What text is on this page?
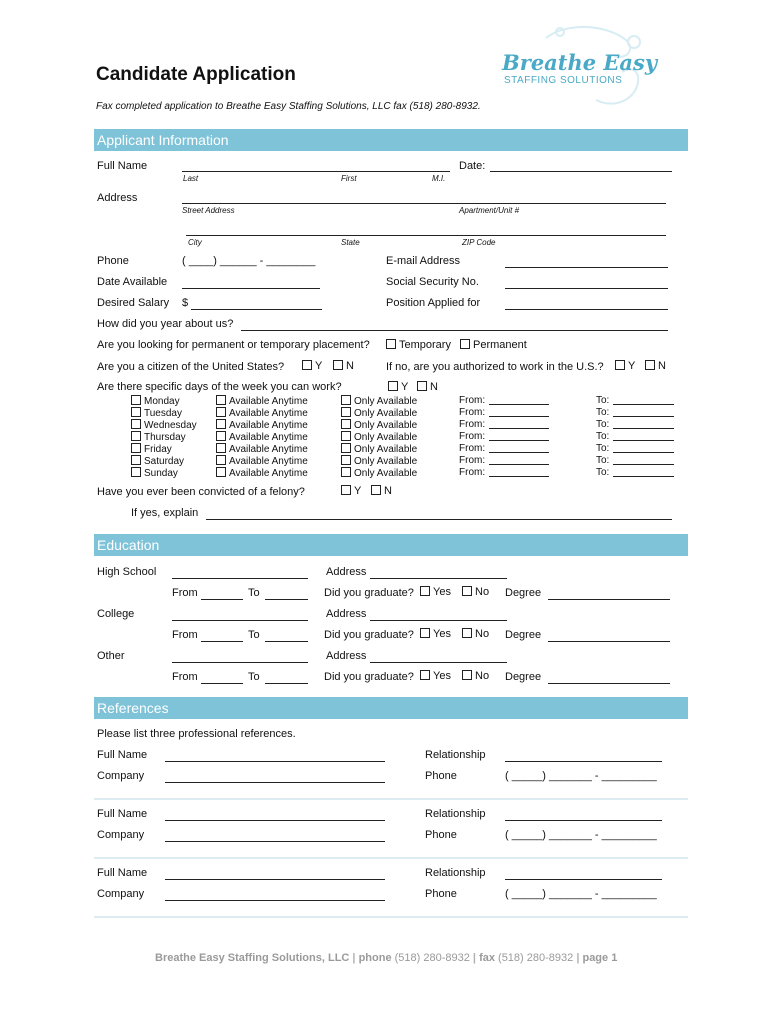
Candidate Application
Fax completed application to Breathe Easy Staffing Solutions, LLC fax (518) 280-8932.
Breathe Easy
STAFFING SOLUTIONS
Applicant Information
Full Name	Date:
Last	First	M.I.
Address
Street Address	Apartment/Unit #
City	State	ZIP Code
Phone	( ____) ______ - ________	E-mail Address
Date Available	Social Security No.
Desired Salary $	Position Applied for
How did you year about us?
Are you looking for permanent or temporary placement?	Temporary	Permanent
Are you a citizen of the United States?	Y	N	If no, are you authorized to work in the U.S.?	Y	N
Are there specific days of the week you can work?	Y	N
Monday	Available Anytime	Only Available	From:	To:
Tuesday	Available Anytime	Only Available	From:	To:
Wednesday	Available Anytime	Only Available	From:	To:
Thursday	Available Anytime	Only Available	From:	To:
Friday	Available Anytime	Only Available	From:	To:
Saturday	Available Anytime	Only Available	From:	To:
Sunday	Available Anytime	Only Available	From:	To:
Have you ever been convicted of a felony?	Y	N
If yes, explain
Education
High School	Address
From	To	Did you graduate?	Yes	No Degree
College	Address
From	To	Did you graduate?	Yes	No Degree
Other	Address
From	To	Did you graduate?	Yes	No Degree
References
Please list three professional references.
Full Name	Relationship
Company	Phone	( _____) _______ - _________
Full Name	Relationship
Company	Phone	( _____) _______ - _________
Full Name	Relationship
Company	Phone	( _____) _______ - _________
Breathe Easy Staffing Solutions, LLC | phone (518) 280-8932 | fax (518) 280-8932 | page 1
